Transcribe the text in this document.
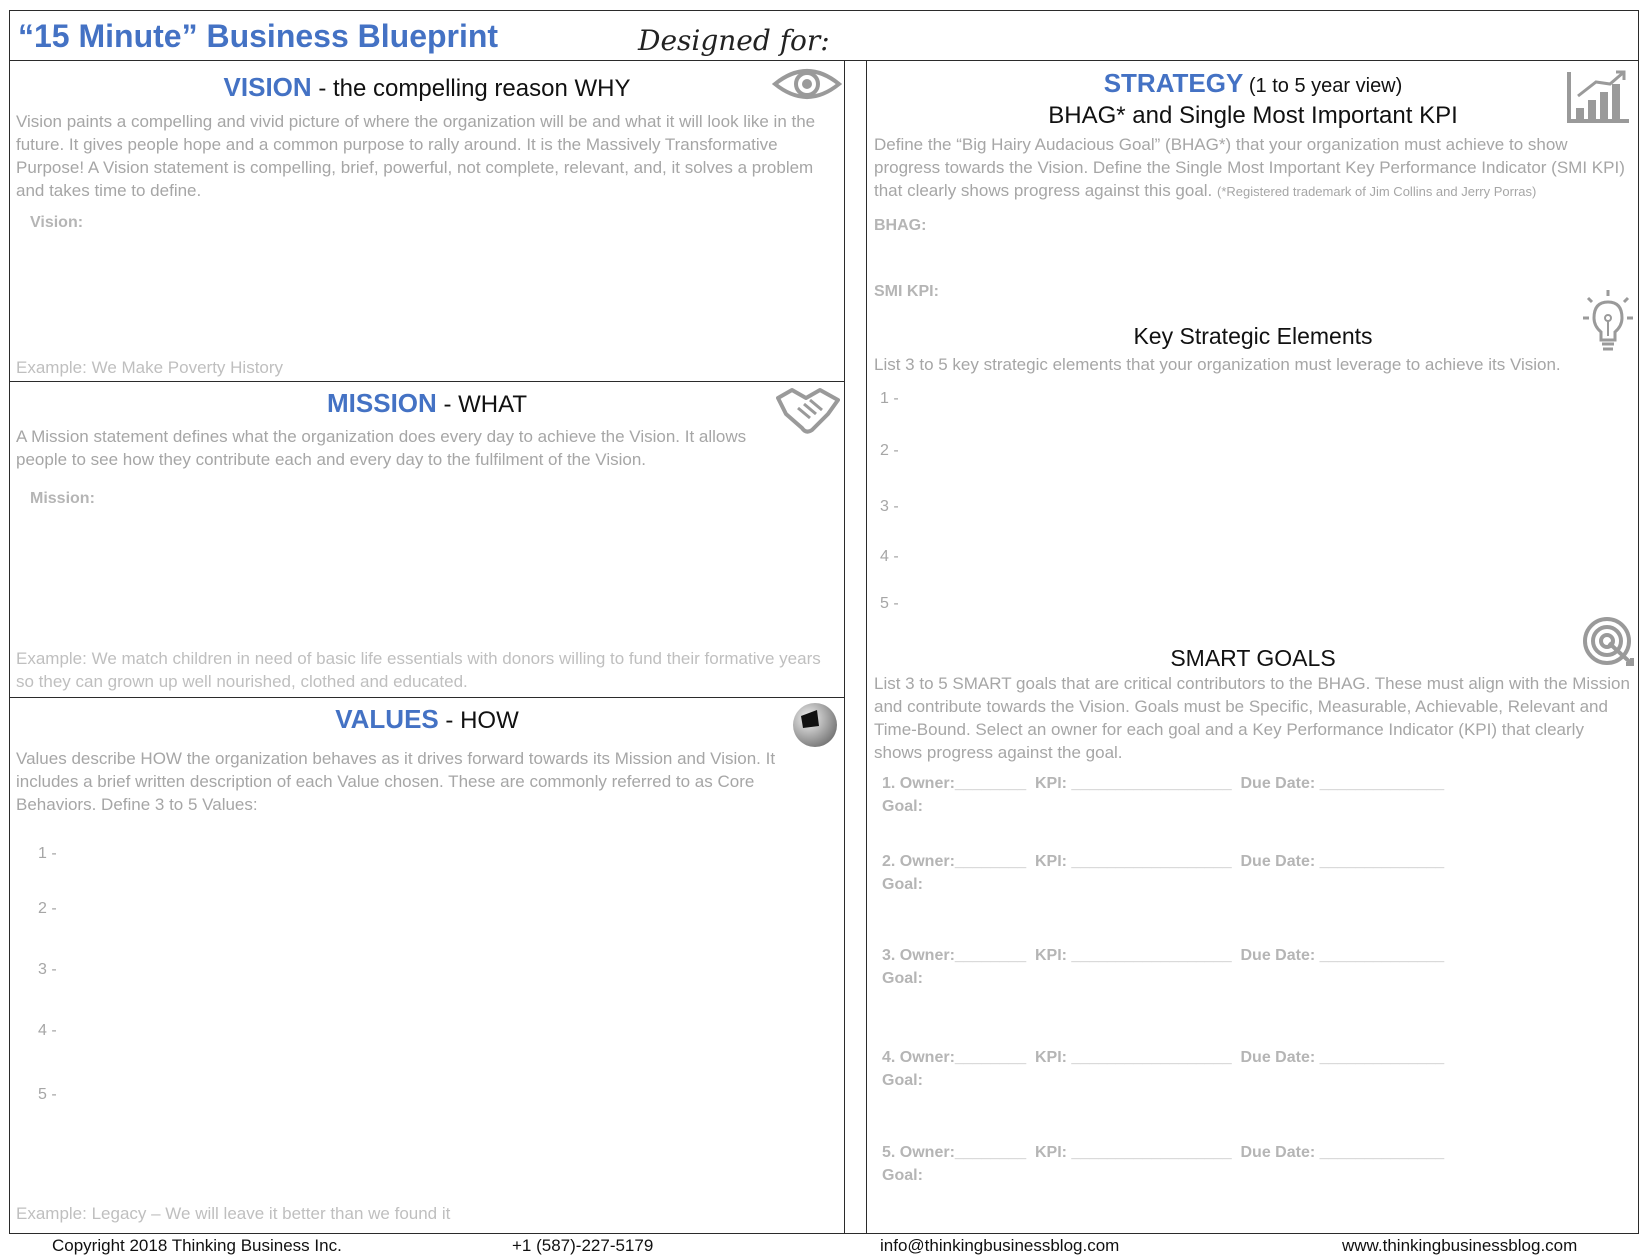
“15 Minute” Business Blueprint	Designed for:
VISION - the compelling reason WHY
Vision paints a compelling and vivid picture of where the organization will be and what it will look like in the future. It gives people hope and a common purpose to rally around. It is the Massively Transformative Purpose! A Vision statement is compelling, brief, powerful, not complete, relevant, and, it solves a problem and takes time to define.
Vision:
Example: We Make Poverty History
MISSION - WHAT
A Mission statement defines what the organization does every day to achieve the Vision. It allows people to see how they contribute each and every day to the fulfilment of the Vision.
Mission:
Example: We match children in need of basic life essentials with donors willing to fund their formative years so they can grown up well nourished, clothed and educated.
VALUES - HOW
Values describe HOW the organization behaves as it drives forward towards its Mission and Vision. It includes a brief written description of each Value chosen. These are commonly referred to as Core Behaviors. Define 3 to 5 Values:
1 -
2 -
3 -
4 -
5 -
Example: Legacy – We will leave it better than we found it
STRATEGY (1 to 5 year view)
BHAG* and Single Most Important KPI
Define the “Big Hairy Audacious Goal” (BHAG*) that your organization must achieve to show progress towards the Vision. Define the Single Most Important Key Performance Indicator (SMI KPI) that clearly shows progress against this goal. (*Registered trademark of Jim Collins and Jerry Porras)
BHAG:
SMI KPI:
Key Strategic Elements
List 3 to 5 key strategic elements that your organization must leverage to achieve its Vision.
1 -
2 -
3 -
4 -
5 -
SMART GOALS
List 3 to 5 SMART goals that are critical contributors to the BHAG. These must align with the Mission and contribute towards the Vision. Goals must be Specific, Measurable, Achievable, Relevant and Time-Bound. Select an owner for each goal and a Key Performance Indicator (KPI) that clearly shows progress against the goal.
1. Owner:________  KPI: __________________  Due Date: ______________
Goal:
2. Owner:________  KPI: __________________  Due Date: ______________
Goal:
3. Owner:________  KPI: __________________  Due Date: ______________
Goal:
4. Owner:________  KPI: __________________  Due Date: ______________
Goal:
5. Owner:________  KPI: __________________  Due Date: ______________
Goal:
Copyright 2018 Thinking Business Inc.	+1 (587)-227-5179	info@thinkingbusinessblog.com	www.thinkingbusinessblog.com
